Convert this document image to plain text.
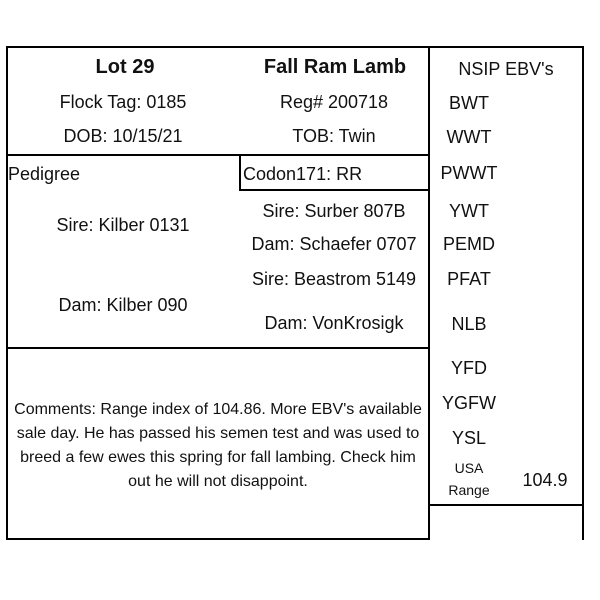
Lot 29	Fall Ram Lamb
Flock Tag: 0185	Reg# 200718
DOB: 10/15/21	TOB: Twin
Pedigree	Codon171: RR
Sire: Kilber 0131
Sire: Surber 807B
Dam: Schaefer 0707
Dam: Kilber 090
Sire: Beastrom 5149
Dam: VonKrosigk
Comments: Range index of 104.86. More EBV's available sale day. He has passed his semen test and was used to breed a few ewes this spring for fall lambing. Check him out he will not disappoint.
NSIP EBV's
BWT
WWT
PWWT
YWT
PEMD
PFAT
NLB
YFD
YGFW
YSL
USA
Range 104.9
